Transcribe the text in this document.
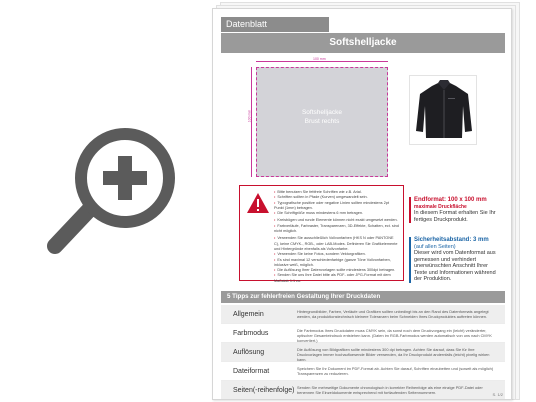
Datenblatt
Softshelljacke
100 mm
100 mm	Softshelljacke
Brust rechts
Endformat: 100 x 100 mm
maximale Druckfläche
In diesem Format erhalten Sie Ihr fertiges Druckprodukt.
Sicherheitsabstand: 3 mm
(auf allen Seiten)
Dieser wird vom Datenformat aus gemessen und verhindert unerwünschten Anschnitt Ihrer Texte und Informationen während der Produktion.
• Bitte benutzen Sie fettfreie Schriften wie z.B. Arial.
• Schriften sollten in Pfade (Kurven) umgewandelt sein.
• Typografische positive oder negative Linien sollten mindestens 2pt Punkt (1mm) betragen.
• Die Schriftgröße muss mindestens 6 mm betragen.
• Kreisbögen und runde Elemente können nicht exakt umgesetzt werden.
• Farbverläufe, Farbraster, Transparenzen, 3D-Effekte, Schatten, ect. sind nicht möglich.
• Verwenden Sie ausschließlich Vollvonfarben (HKS N oder PANTONE C), keine CMYK-, RGB-, oder LAB-Modes. Definieren Sie Grafikelemente und Hintergründe ebenfalls als Vollvonfarbe.
• Verwenden Sie keine Fotos, sondern Vektorgrafiken.
• Es sind maximal 12 verschiedenfarbige (ganze Töne Vollvonfarben, inklusive weiß, möglich.
• Die Auflösung Ihrer Datenvorlagen sollte mindestens 300dpi betragen.
• Senden Sie uns Ihre Datei bitte als PDF- oder JPG-Format mit dem Maßstab 1:1 zu.
5 Tipps zur fehlerfreien Gestaltung Ihrer Druckdaten
Allgemein	Hintergrundbilder, Farben, Verläufe und Grafiken sollten unbedingt bis an den Rand des Datenformats angelegt werden, da produktionstechnisch kleinere Toleranzen beim Schneiden Ihres Druckproduktes auftreten können.
Farbmodus	Die Farbmodus Ihres Druckdaten muss CMYK sein, da sonst noch dem Druckvorgang ein (leicht) veränderter, optischer Gesamteindruck entstehen kann. (Daten im RGB-Farbmodus werden automatisch von uns nach CMYK konvertiert.)
Auflösung	Die Auflösung von Bildgrafiken sollte mindestens 300 dpi betragen. Achten Sie darauf, dass Sie für Ihre Druckvorlagen immer hochaufloesende Bilder verwenden, da Ihr Druckprodukt andernfalls (leicht) pixelig wirken kann.
Dateiformat	Speichern Sie Ihr Dokument im PDF-Format ab. Achten Sie darauf, Schriften einzubetten und (soweit als möglich) Transparenzen zu reduzieren.
Seiten(-reihenfolge) Senden Sie mehrseitige Dokumente chronologisch in korrekter Reihenfolge als eine einzige PDF-Datei oder benennen Sie Einzeldokumente entsprechend mit fortlaufenden Seitennummern.	S. 1/2
